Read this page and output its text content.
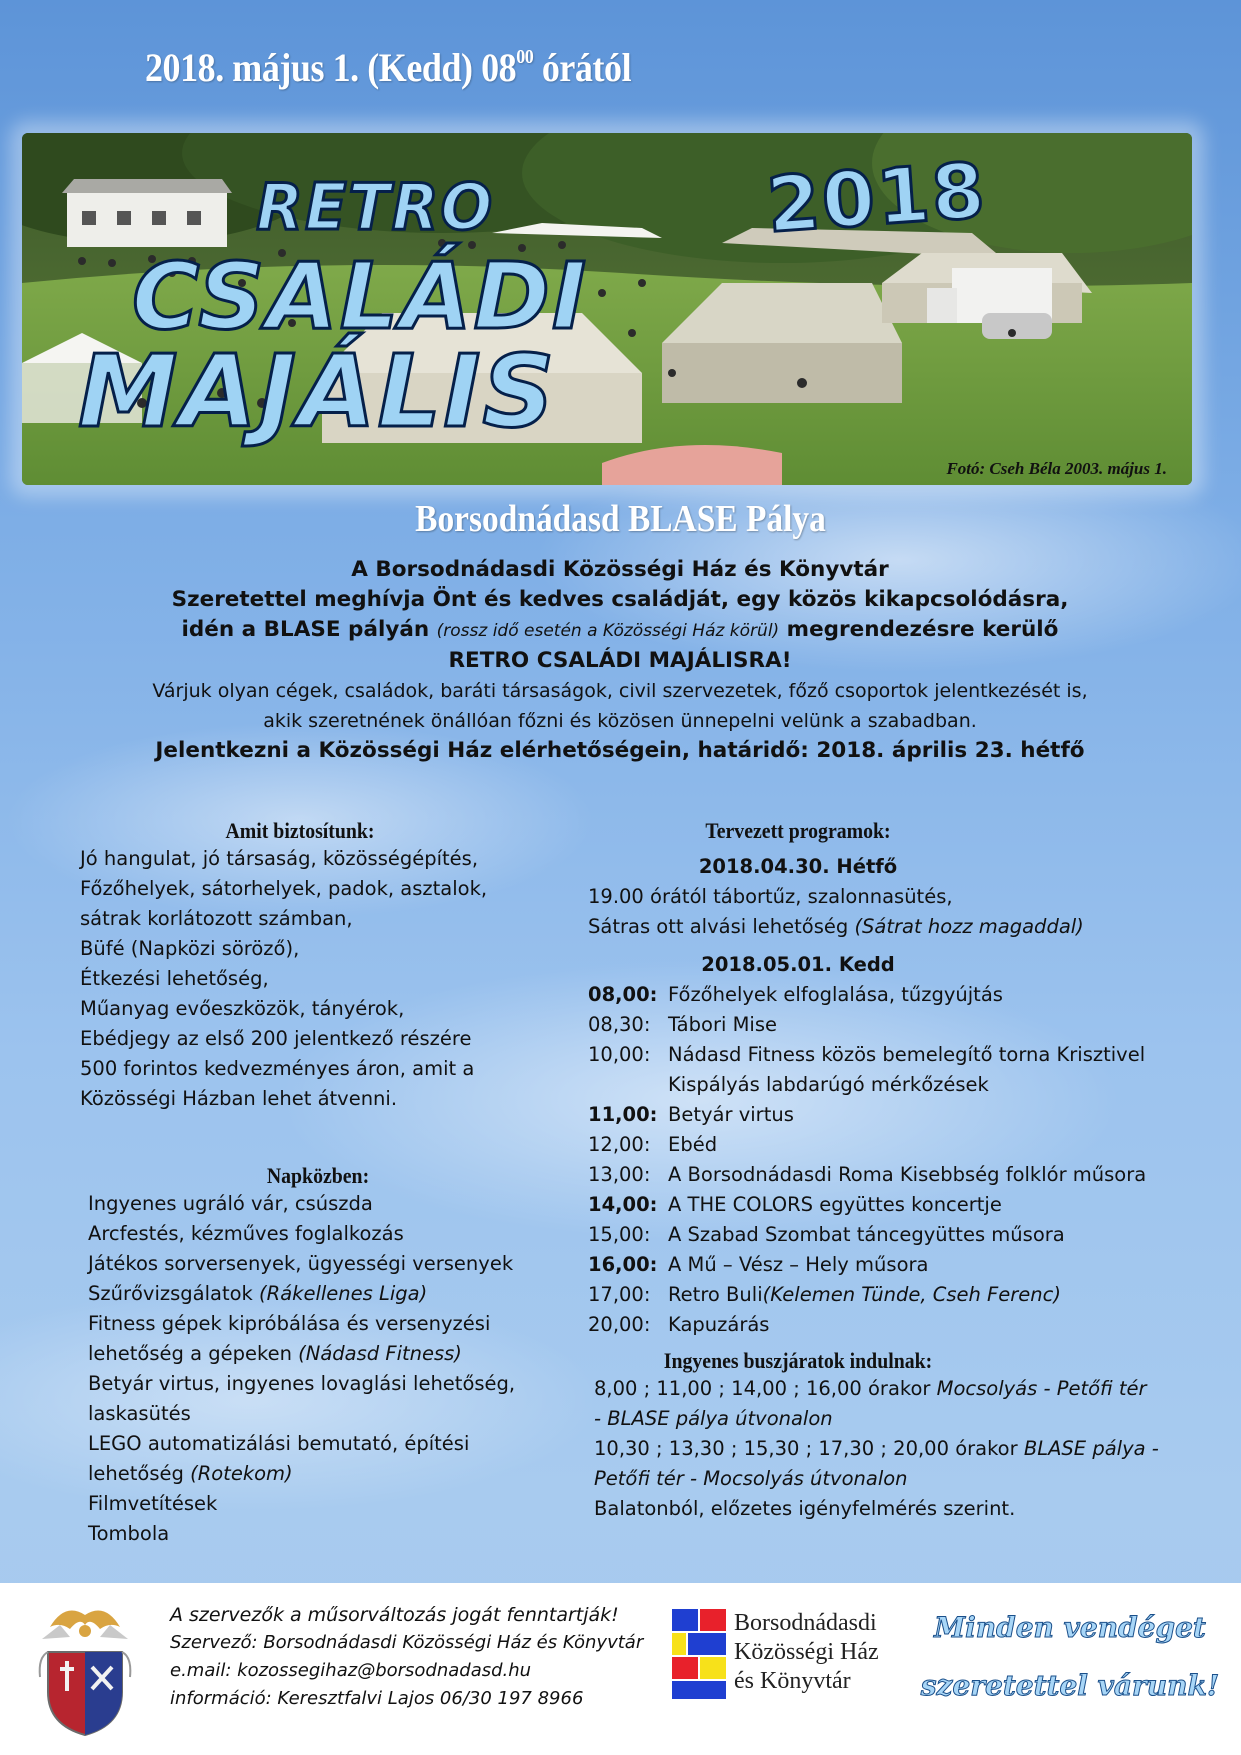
2018. május 1. (Kedd) $08^{00}$ órától
RETRO
CSALÁDI
MAJÁLIS
2018
Fotó: Cseh Béla 2003. május 1.
Borsodnádasd BLASE Pálya
A Borsodnádasdi Közösségi Ház és Könyvtár
Szeretettel meghívja Önt és kedves családját, egy közös kikapcsolódásra,
idén a BLASE pályán (rossz idő esetén a Közösségi Ház körül) megrendezésre kerülő
RETRO CSALÁDI MAJÁLISRA!
Várjuk olyan cégek, családok, baráti társaságok, civil szervezetek, főző csoportok jelentkezését is,
akik szeretnének önállóan főzni és közösen ünnepelni velünk a szabadban.
Jelentkezni a Közösségi Ház elérhetőségein, határidő: 2018. április 23. hétfő
Amit biztosítunk:
Jó hangulat, jó társaság, közösségépítés,
Főzőhelyek, sátorhelyek, padok, asztalok,
sátrak korlátozott számban,
Büfé (Napközi söröző),
Étkezési lehetőség,
Műanyag evőeszközök, tányérok,
Ebédjegy az első 200 jelentkező részére
500 forintos kedvezményes áron, amit a
Közösségi Házban lehet átvenni.
Napközben:
Ingyenes ugráló vár, csúszda
Arcfestés, kézműves foglalkozás
Játékos sorversenyek, ügyességi versenyek
Szűrővizsgálatok (Rákellenes Liga)
Fitness gépek kipróbálása és versenyzési
lehetőség a gépeken (Nádasd Fitness)
Betyár virtus, ingyenes lovaglási lehetőség,
laskasütés
LEGO automatizálási bemutató, építési
lehetőség (Rotekom)
Filmvetítések
Tombola
Tervezett programok:
2018.04.30. Hétfő
19.00 órától tábortűz, szalonnasütés,
Sátras ott alvási lehetőség (Sátrat hozz magaddal)
2018.05.01. Kedd
08,00: Főzőhelyek elfoglalása, tűzgyújtás
08,30: Tábori Mise
10,00: Nádasd Fitness közös bemelegítő torna Krisztivel
Kispályás labdarúgó mérkőzések
11,00: Betyár virtus
12,00: Ebéd
13,00: A Borsodnádasdi Roma Kisebbség folklór műsora
14,00: A THE COLORS együttes koncertje
15,00: A Szabad Szombat táncegyüttes műsora
16,00: A Mű – Vész – Hely műsora
17,00: Retro Buli (Kelemen Tünde, Cseh Ferenc)
20,00: Kapuzárás
Ingyenes buszjáratok indulnak:
8,00 ; 11,00 ; 14,00 ; 16,00 órakor Mocsolyás - Petőfi tér
- BLASE pálya útvonalon
10,30 ; 13,30 ; 15,30 ; 17,30 ; 20,00 órakor BLASE pálya -
Petőfi tér - Mocsolyás útvonalon
Balatonból, előzetes igényfelmérés szerint.
A szervezők a műsorváltozás jogát fenntartják!
Szervező: Borsodnádasdi Közösségi Ház és Könyvtár
e.mail: kozossegihaz@borsodnadasd.hu
információ: Keresztfalvi Lajos 06/30 197 8966
Borsodnádasdi
Közösségi Ház
és Könyvtár
Minden vendéget
szeretettel várunk!
